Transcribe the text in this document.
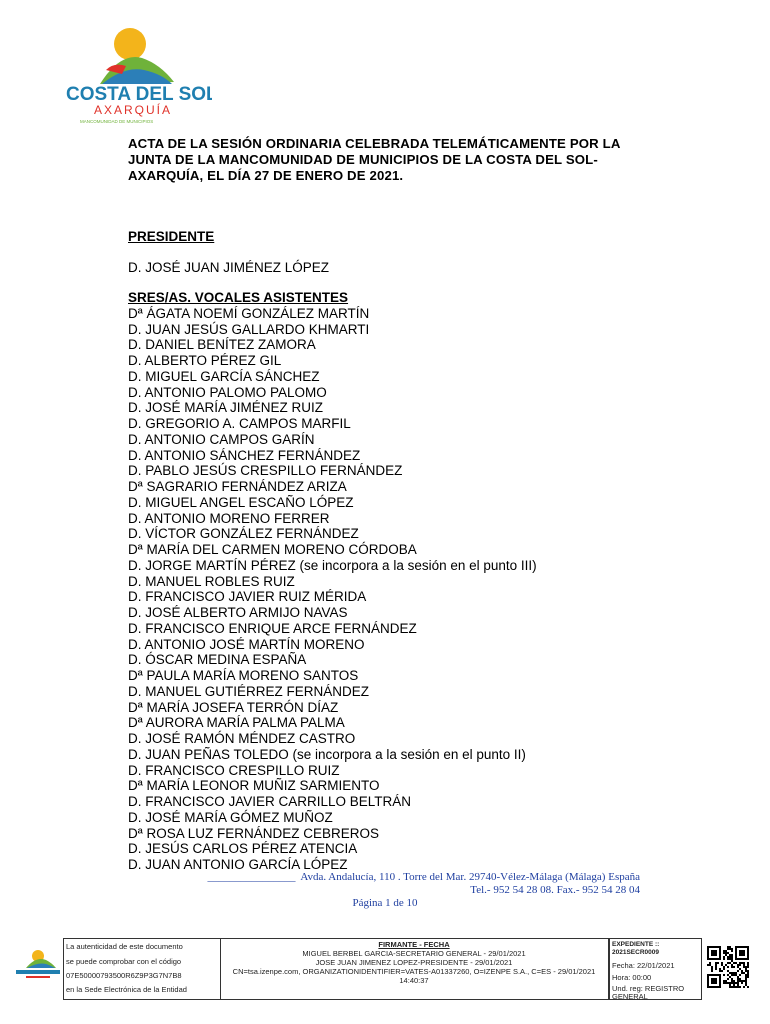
COSTA DEL SOL
AXARQUÍA
MANCOMUNIDAD DE MUNICIPIOS
ACTA DE LA SESIÓN ORDINARIA CELEBRADA TELEMÁTICAMENTE POR LA JUNTA DE LA MANCOMUNIDAD DE MUNICIPIOS DE LA COSTA DEL SOL-AXARQUÍA, EL DÍA 27 DE ENERO DE 2021.
PRESIDENTE
D. JOSÉ JUAN JIMÉNEZ LÓPEZ
SRES/AS. VOCALES ASISTENTES
Dª ÁGATA NOEMÍ GONZÁLEZ MARTÍN
D. JUAN JESÚS GALLARDO KHMARTI
D. DANIEL BENÍTEZ ZAMORA
D. ALBERTO PÉREZ GIL
D. MIGUEL GARCÍA SÁNCHEZ
D. ANTONIO PALOMO PALOMO
D. JOSÉ MARÍA JIMÉNEZ RUIZ
D. GREGORIO A. CAMPOS MARFIL
D. ANTONIO CAMPOS GARÍN
D. ANTONIO SÁNCHEZ FERNÁNDEZ
D. PABLO JESÚS CRESPILLO FERNÁNDEZ
Dª SAGRARIO FERNÁNDEZ ARIZA
D. MIGUEL ANGEL ESCAÑO LÓPEZ
D. ANTONIO MORENO FERRER
D. VÍCTOR GONZÁLEZ FERNÁNDEZ
Dª MARÍA DEL CARMEN MORENO CÓRDOBA
D. JORGE MARTÍN PÉREZ (se incorpora a la sesión en el punto III)
D. MANUEL ROBLES RUIZ
D. FRANCISCO JAVIER RUIZ MÉRIDA
D. JOSÉ ALBERTO ARMIJO NAVAS
D. FRANCISCO ENRIQUE ARCE FERNÁNDEZ
D. ANTONIO JOSÉ MARTÍN MORENO
D. ÓSCAR MEDINA ESPAÑA
Dª PAULA MARÍA MORENO SANTOS
D. MANUEL GUTIÉRREZ FERNÁNDEZ
Dª MARÍA JOSEFA TERRÓN DÍAZ
Dª AURORA MARÍA PALMA PALMA
D. JOSÉ RAMÓN MÉNDEZ CASTRO
D. JUAN PEÑAS TOLEDO (se incorpora a la sesión en el punto II)
D. FRANCISCO CRESPILLO RUIZ
Dª MARÍA LEONOR MUÑIZ SARMIENTO
D. FRANCISCO JAVIER CARRILLO BELTRÁN
D. JOSÉ MARÍA GÓMEZ MUÑOZ
Dª ROSA LUZ FERNÁNDEZ CEBREROS
D. JESÚS CARLOS PÉREZ ATENCIA
D. JUAN ANTONIO GARCÍA LÓPEZ
________________ Avda. Andalucía, 110 . Torre del Mar. 29740-Vélez-Málaga (Málaga) España
Tel.- 952 54 28 08. Fax.- 952 54 28 04
Página 1 de 10
La autenticidad de este documento
se puede comprobar con el código
07E50000793500R6Z9P3G7N7B8
en la Sede Electrónica de la Entidad
FIRMANTE - FECHA
MIGUEL BERBEL GARCIA-SECRETARIO GENERAL - 29/01/2021
JOSE JUAN JIMENEZ LOPEZ-PRESIDENTE - 29/01/2021
CN=tsa.izenpe.com, ORGANIZATIONIDENTIFIER=VATES-A01337260, O=IZENPE S.A., C=ES - 29/01/2021
14:40:37
EXPEDIENTE ::
2021SECR0009
Fecha: 22/01/2021
Hora: 00:00
Und. reg: REGISTRO GENERAL
